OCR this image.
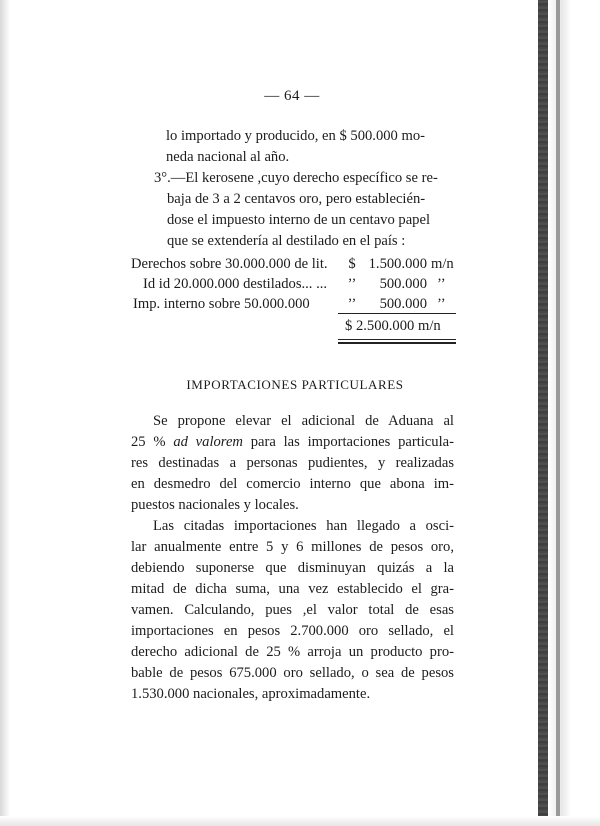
— 64 —
lo importado y producido, en $ 500.000 mo-
neda nacional al año.
3°.—El kerosene ,cuyo derecho específico se re-
baja de 3 a 2 centavos oro, pero establecién-
dose el impuesto interno de un centavo papel
que se extendería al destilado en el país :
Derechos sobre 30.000.000 de lit. $ 1.500.000 m/n
Id id 20.000.000 destilados... ... ’’	500.000 ’’
Imp. interno sobre 50.000.000	’’	500.000 ’’
$ 2.500.000 m/n
IMPORTACIONES PARTICULARES
Se propone elevar el adicional de Aduana al
25 % ad valorem para las importaciones particula-
res destinadas a personas pudientes, y realizadas
en desmedro del comercio interno que abona im-
puestos nacionales y locales.
Las citadas importaciones han llegado a osci-
lar anualmente entre 5 y 6 millones de pesos oro,
debiendo suponerse que disminuyan quizás a la
mitad de dicha suma, una vez establecido el gra-
vamen. Calculando, pues ,el valor total de esas
importaciones en pesos 2.700.000 oro sellado, el
derecho adicional de 25 % arroja un producto pro-
bable de pesos 675.000 oro sellado, o sea de pesos
1.530.000 nacionales, aproximadamente.
